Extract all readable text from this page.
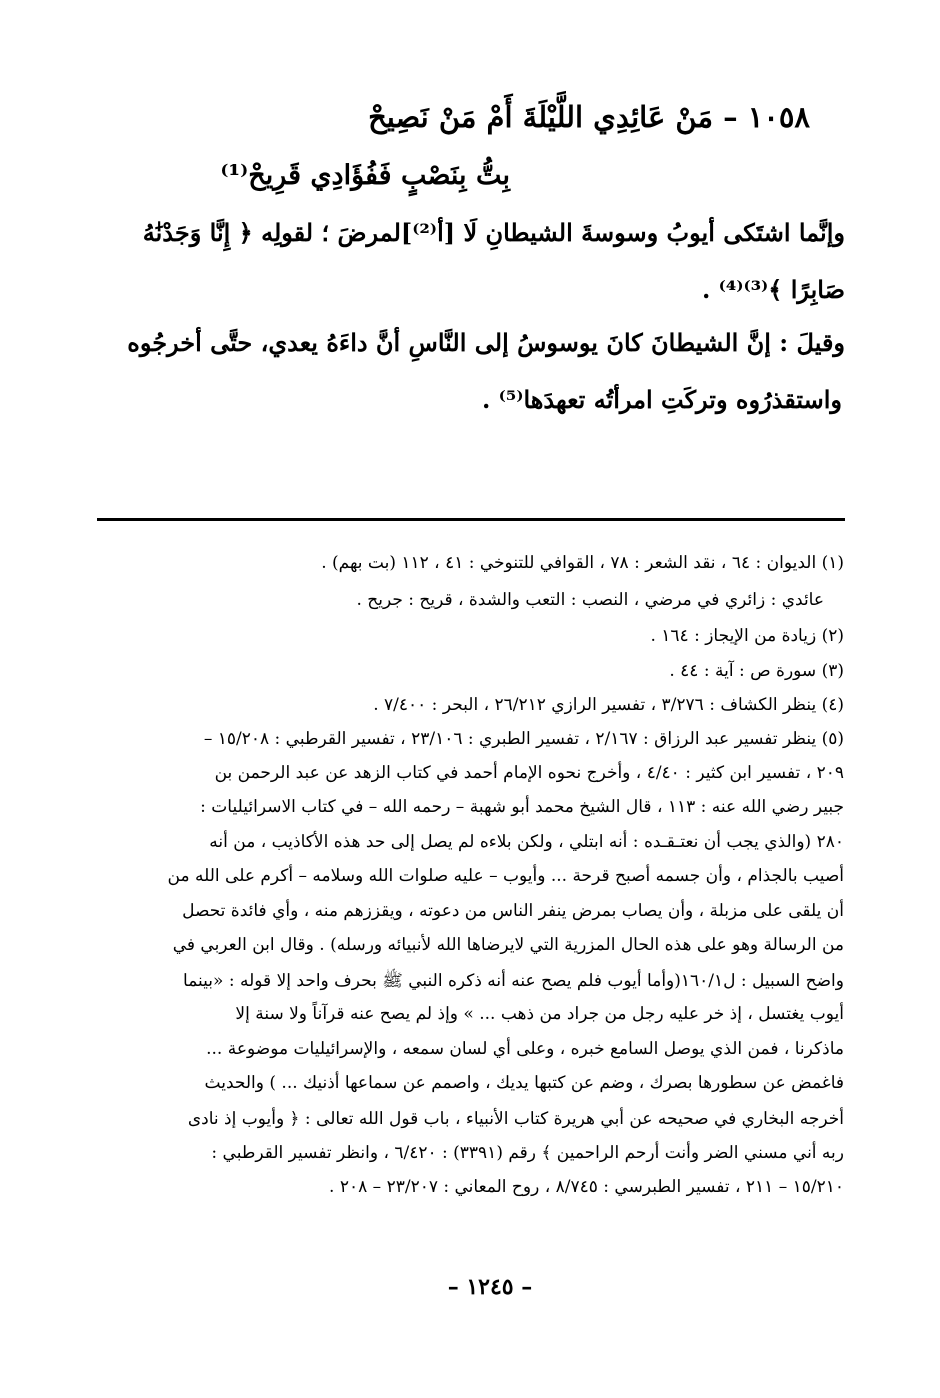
١٠٥٨ – مَنْ عَائِدِي اللَّيْلَةَ أَمْ مَنْ نَصِيحْ
بِتُّ بِنَصْبٍ فَفُؤَادِي قَرِيحْ⁽¹⁾
وإنَّما اشتَكى أيوبُ وسوسةَ الشيطانِ لَا [أ⁽²⁾]لمرضَ ؛ لقولِه ﴿ إِنَّا وَجَدْنَٰهُ
صَابِرًا ﴾⁽³⁾⁽⁴⁾ .
وقيلَ : إنَّ الشيطانَ كانَ يوسوسُ إلى النَّاسِ أنَّ داءَهُ يعدي، حتَّى أخرجُوه
واستقذرُوه وتركَتِ امرأتُه تعهدَها⁽⁵⁾ .
(١) الديوان : ٦٤ ، نقد الشعر : ٧٨ ، القوافي للتنوخي : ٤١ ، ١١٢ (بت بهم) .
عائدي : زائري في مرضي ، النصب : التعب والشدة ، قريح : جريح .
(٢) زيادة من الإيجاز : ١٦٤ .
(٣) سورة ص : آية : ٤٤ .
(٤) ينظر الكشاف : ٣/٢٧٦ ، تفسير الرازي ٢٦/٢١٢ ، البحر : ٧/٤٠٠ .
(٥) ينظر تفسير عبد الرزاق : ٢/١٦٧ ، تفسير الطبري : ٢٣/١٠٦ ، تفسير القرطبي : ١٥/٢٠٨ –
٢٠٩ ، تفسير ابن كثير : ٤/٤٠ ، وأخرج نحوه الإمام أحمد في كتاب الزهد عن عبد الرحمن بن
جبير رضي الله عنه : ١١٣ ، قال الشيخ محمد أبو شهبة – رحمه الله – في كتاب الاسرائيليات :
٢٨٠ (والذي يجب أن نعتـقـده : أنه ابتلي ، ولكن بلاءه لم يصل إلى حد هذه الأكاذيب ، من أنه
أصيب بالجذام ، وأن جسمه أصبح قرحة ... وأيوب – عليه صلوات الله وسلامه – أكرم على الله من
أن يلقى على مزبلة ، وأن يصاب بمرض ينفر الناس من دعوته ، ويقززهم منه ، وأي فائدة تحصل
من الرسالة وهو على هذه الحال المزرية التي لايرضاها الله لأنبيائه ورسله) . وقال ابن العربي في
واضح السبيل : ل١٦٠/١(وأما أيوب فلم يصح عنه أنه ذكره النبي ﷺ بحرف واحد إلا قوله : «بينما
أيوب يغتسل ، إذ خر عليه رجل من جراد من ذهب ... » وإذ لم يصح عنه قرآناً ولا سنة إلا
ماذكرنا ، فمن الذي يوصل السامع خبره ، وعلى أي لسان سمعه ، والإسرائيليات موضوعة ...
فاغمض عن سطورها بصرك ، وضم عن كتبها يديك ، واصمم عن سماعها أذنيك ... ) والحديث
أخرجه البخاري في صحيحه عن أبي هريرة كتاب الأنبياء ، باب قول الله تعالى : ﴿ وأيوب إذ نادى
ربه أني مسني الضر وأنت أرحم الراحمين ﴾ رقم (٣٣٩١) : ٦/٤٢٠ ، وانظر تفسير القرطبي :
١٥/٢١٠ – ٢١١ ، تفسير الطبرسي : ٨/٧٤٥ ، روح المعاني : ٢٣/٢٠٧ – ٢٠٨ .
– ١٢٤٥ –
